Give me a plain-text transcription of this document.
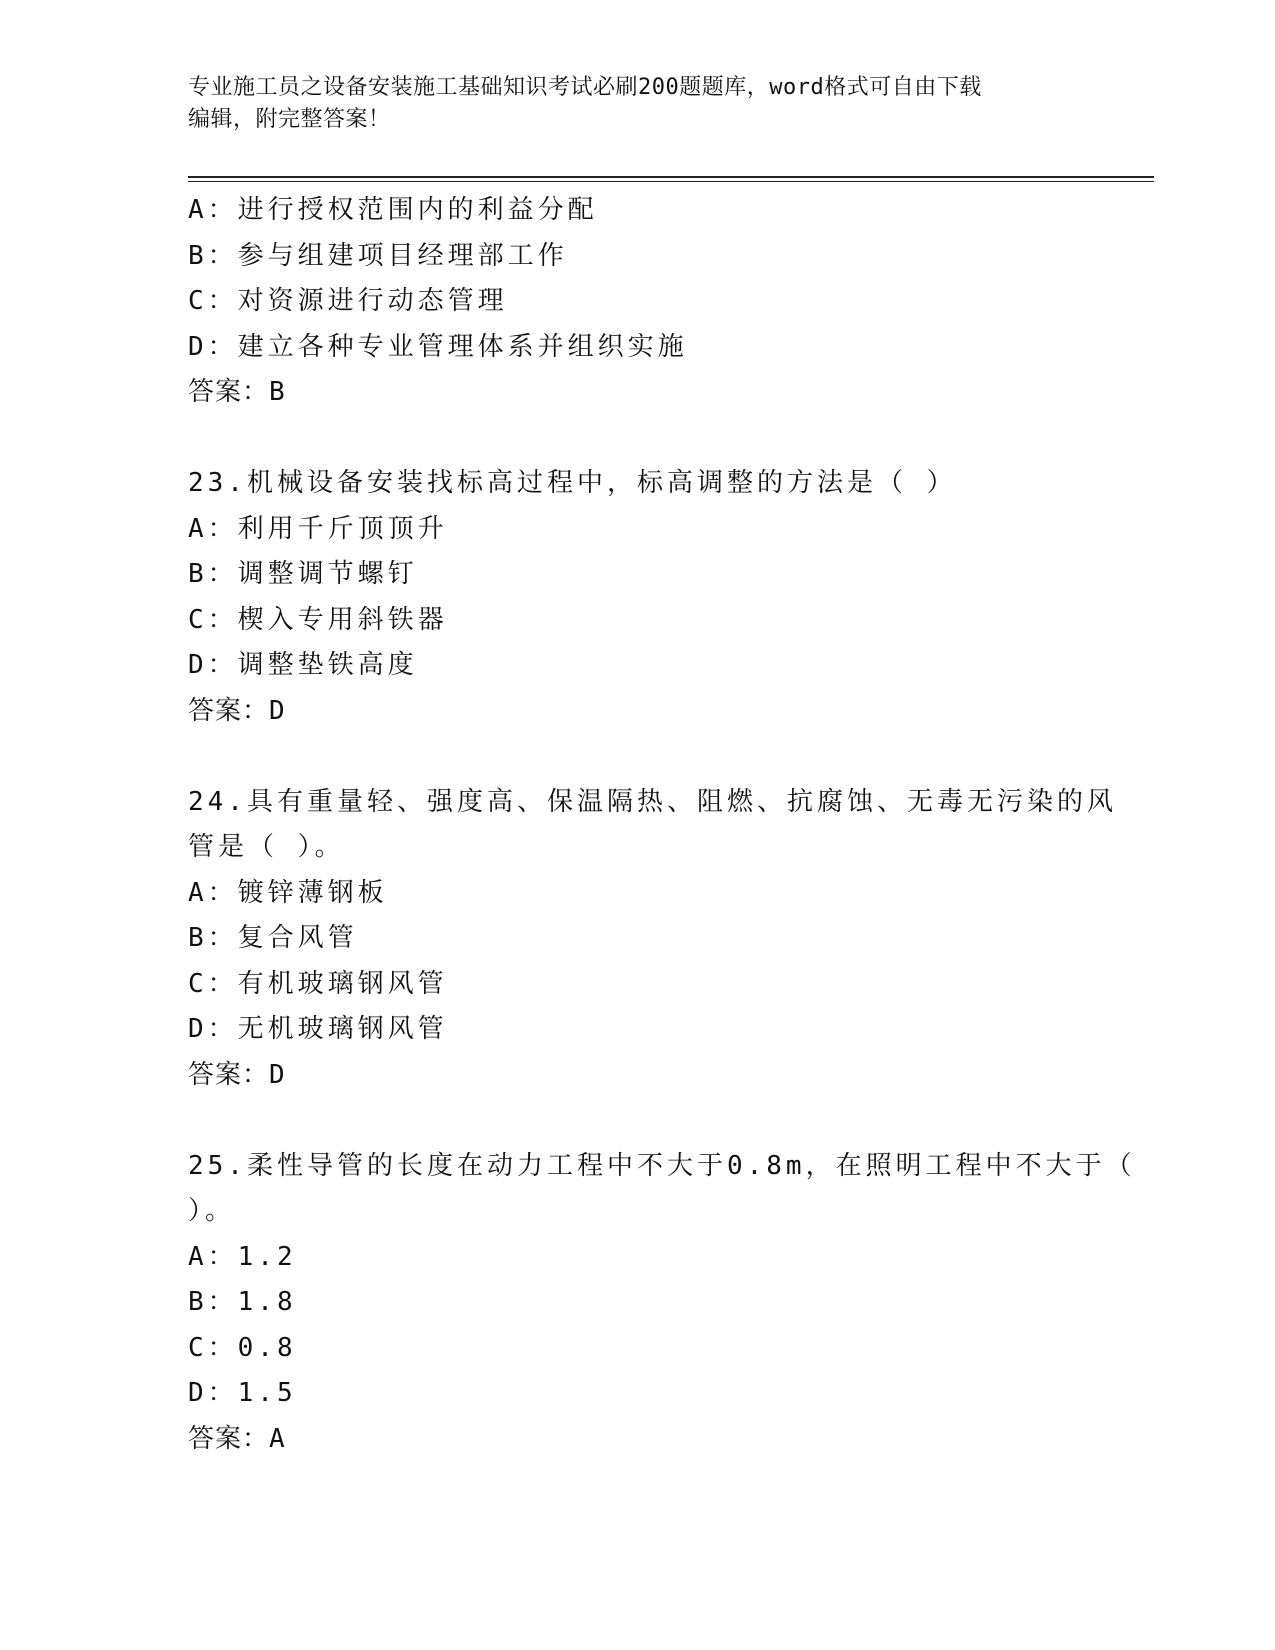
专业施工员之设备安装施工基础知识考试必刷200题题库，word格式可自由下载
编辑，附完整答案！
A：进行授权范围内的利益分配
B：参与组建项目经理部工作
C：对资源进行动态管理
D：建立各种专业管理体系并组织实施
答案：B
23.机械设备安装找标高过程中，标高调整的方法是（ ）
A：利用千斤顶顶升
B：调整调节螺钉
C：楔入专用斜铁器
D：调整垫铁高度
答案：D
24.具有重量轻、强度高、保温隔热、阻燃、抗腐蚀、无毒无污染的风
管是（ ）。
A：镀锌薄钢板
B：复合风管
C：有机玻璃钢风管
D：无机玻璃钢风管
答案：D
25.柔性导管的长度在动力工程中不大于0.8m，在照明工程中不大于（
）。
A：1.2
B：1.8
C：0.8
D：1.5
答案：A
